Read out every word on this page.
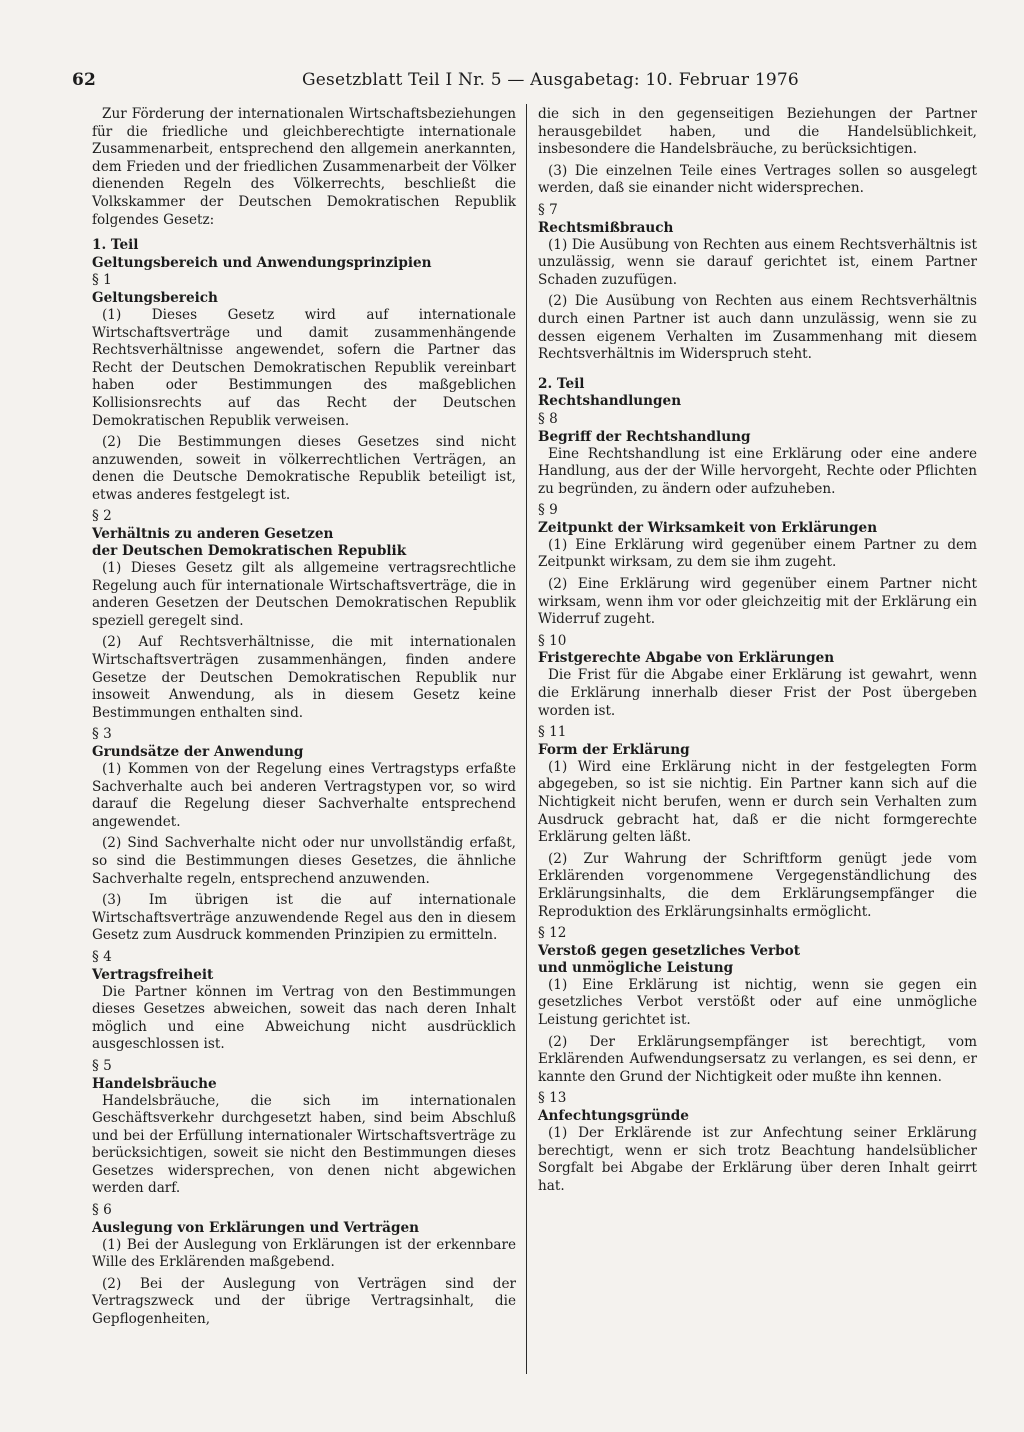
62	Gesetzblatt Teil I Nr. 5 — Ausgabetag: 10. Februar 1976

Zur Förderung der internationalen Wirtschaftsbeziehungen für die friedliche und gleichberechtigte internationale Zusammenarbeit, entsprechend den allgemein anerkannten, dem Frieden und der friedlichen Zusammenarbeit der Völker dienenden Regeln des Völkerrechts, beschließt die Volkskammer der Deutschen Demokratischen Republik folgendes Gesetz:

1. Teil

Geltungsbereich und Anwendungsprinzipien

§ 1

Geltungsbereich

(1) Dieses Gesetz wird auf internationale Wirtschaftsverträge und damit zusammenhängende Rechtsverhältnisse angewendet, sofern die Partner das Recht der Deutschen Demokratischen Republik vereinbart haben oder Bestimmungen des maßgeblichen Kollisionsrechts auf das Recht der Deutschen Demokratischen Republik verweisen.

(2) Die Bestimmungen dieses Gesetzes sind nicht anzuwenden, soweit in völkerrechtlichen Verträgen, an denen die Deutsche Demokratische Republik beteiligt ist, etwas anderes festgelegt ist.

§ 2

Verhältnis zu anderen Gesetzen
der Deutschen Demokratischen Republik

(1) Dieses Gesetz gilt als allgemeine vertragsrechtliche Regelung auch für internationale Wirtschaftsverträge, die in anderen Gesetzen der Deutschen Demokratischen Republik speziell geregelt sind.

(2) Auf Rechtsverhältnisse, die mit internationalen Wirtschaftsverträgen zusammenhängen, finden andere Gesetze der Deutschen Demokratischen Republik nur insoweit Anwendung, als in diesem Gesetz keine Bestimmungen enthalten sind.

§ 3

Grundsätze der Anwendung

(1) Kommen von der Regelung eines Vertragstyps erfaßte Sachverhalte auch bei anderen Vertragstypen vor, so wird darauf die Regelung dieser Sachverhalte entsprechend angewendet.

(2) Sind Sachverhalte nicht oder nur unvollständig erfaßt, so sind die Bestimmungen dieses Gesetzes, die ähnliche Sachverhalte regeln, entsprechend anzuwenden.

(3) Im übrigen ist die auf internationale Wirtschaftsverträge anzuwendende Regel aus den in diesem Gesetz zum Ausdruck kommenden Prinzipien zu ermitteln.

§ 4

Vertragsfreiheit

Die Partner können im Vertrag von den Bestimmungen dieses Gesetzes abweichen, soweit das nach deren Inhalt möglich und eine Abweichung nicht ausdrücklich ausgeschlossen ist.

§ 5

Handelsbräuche

Handelsbräuche, die sich im internationalen Geschäftsverkehr durchgesetzt haben, sind beim Abschluß und bei der Erfüllung internationaler Wirtschaftsverträge zu berücksichtigen, soweit sie nicht den Bestimmungen dieses Gesetzes widersprechen, von denen nicht abgewichen werden darf.

§ 6

Auslegung von Erklärungen und Verträgen

(1) Bei der Auslegung von Erklärungen ist der erkennbare Wille des Erklärenden maßgebend.

(2) Bei der Auslegung von Verträgen sind der Vertragszweck und der übrige Vertragsinhalt, die Gepflogenheiten,

die sich in den gegenseitigen Beziehungen der Partner herausgebildet haben, und die Handelsüblichkeit, insbesondere die Handelsbräuche, zu berücksichtigen.

(3) Die einzelnen Teile eines Vertrages sollen so ausgelegt werden, daß sie einander nicht widersprechen.

§ 7

Rechtsmißbrauch

(1) Die Ausübung von Rechten aus einem Rechtsverhältnis ist unzulässig, wenn sie darauf gerichtet ist, einem Partner Schaden zuzufügen.

(2) Die Ausübung von Rechten aus einem Rechtsverhältnis durch einen Partner ist auch dann unzulässig, wenn sie zu dessen eigenem Verhalten im Zusammenhang mit diesem Rechtsverhältnis im Widerspruch steht.

2. Teil

Rechtshandlungen

§ 8

Begriff der Rechtshandlung

Eine Rechtshandlung ist eine Erklärung oder eine andere Handlung, aus der der Wille hervorgeht, Rechte oder Pflichten zu begründen, zu ändern oder aufzuheben.

§ 9

Zeitpunkt der Wirksamkeit von Erklärungen

(1) Eine Erklärung wird gegenüber einem Partner zu dem Zeitpunkt wirksam, zu dem sie ihm zugeht.

(2) Eine Erklärung wird gegenüber einem Partner nicht wirksam, wenn ihm vor oder gleichzeitig mit der Erklärung ein Widerruf zugeht.

§ 10

Fristgerechte Abgabe von Erklärungen

Die Frist für die Abgabe einer Erklärung ist gewahrt, wenn die Erklärung innerhalb dieser Frist der Post übergeben worden ist.

§ 11

Form der Erklärung

(1) Wird eine Erklärung nicht in der festgelegten Form abgegeben, so ist sie nichtig. Ein Partner kann sich auf die Nichtigkeit nicht berufen, wenn er durch sein Verhalten zum Ausdruck gebracht hat, daß er die nicht formgerechte Erklärung gelten läßt.

(2) Zur Wahrung der Schriftform genügt jede vom Erklärenden vorgenommene Vergegenständlichung des Erklärungsinhalts, die dem Erklärungsempfänger die Reproduktion des Erklärungsinhalts ermöglicht.

§ 12

Verstoß gegen gesetzliches Verbot
und unmögliche Leistung

(1) Eine Erklärung ist nichtig, wenn sie gegen ein gesetzliches Verbot verstößt oder auf eine unmögliche Leistung gerichtet ist.

(2) Der Erklärungsempfänger ist berechtigt, vom Erklärenden Aufwendungsersatz zu verlangen, es sei denn, er kannte den Grund der Nichtigkeit oder mußte ihn kennen.

§ 13

Anfechtungsgründe

(1) Der Erklärende ist zur Anfechtung seiner Erklärung berechtigt, wenn er sich trotz Beachtung handelsüblicher Sorgfalt bei Abgabe der Erklärung über deren Inhalt geirrt hat.
